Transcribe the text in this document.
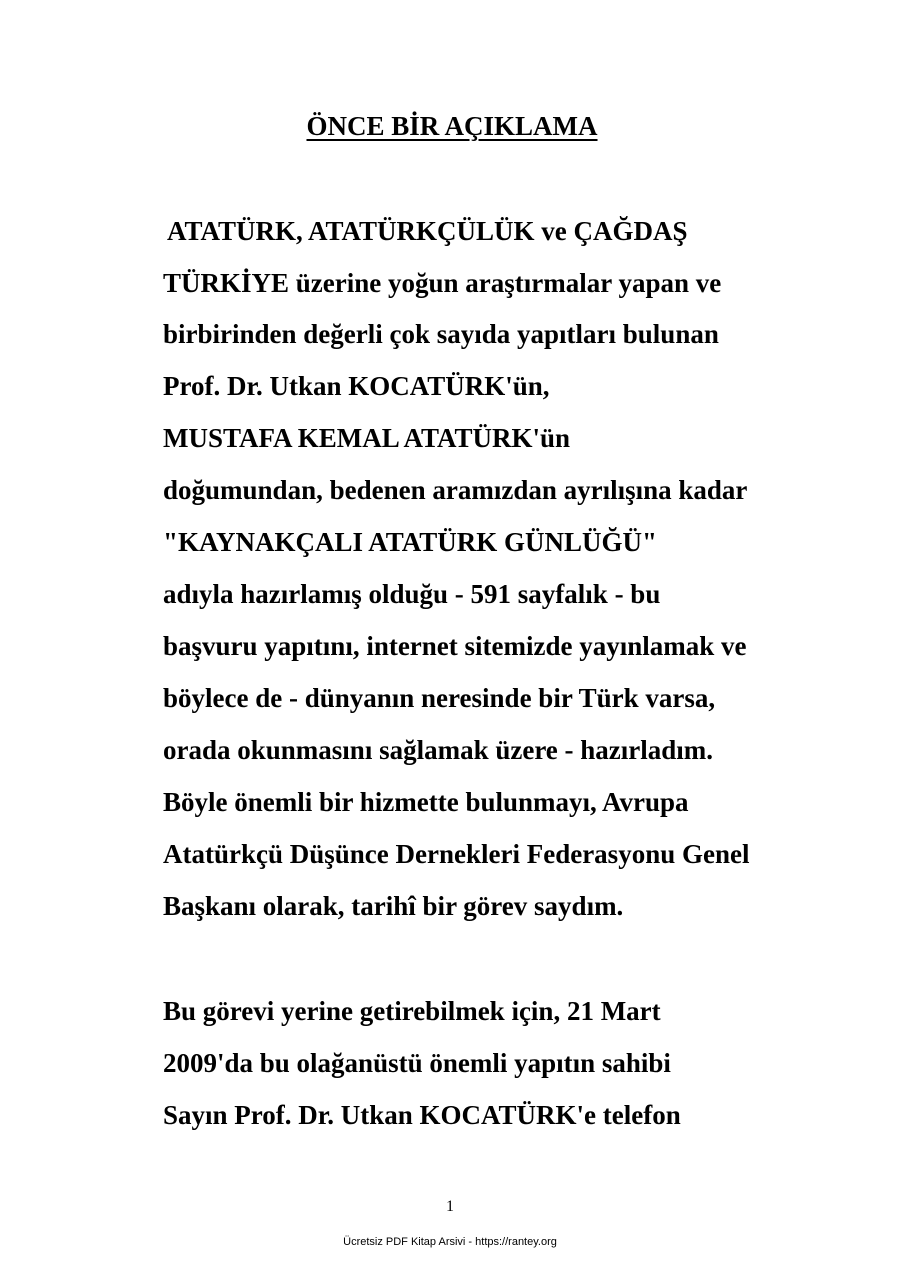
ÖNCE BİR AÇIKLAMA

ATATÜRK, ATATÜRKÇÜLÜK ve ÇAĞDAŞ

TÜRKİYE üzerine yoğun araştırmalar yapan ve

birbirinden değerli çok sayıda yapıtları bulunan

Prof. Dr. Utkan KOCATÜRK'ün,

MUSTAFA KEMAL ATATÜRK'ün

doğumundan, bedenen aramızdan ayrılışına kadar

"KAYNAKÇALI ATATÜRK GÜNLÜĞÜ"

adıyla hazırlamış olduğu - 591 sayfalık - bu

başvuru yapıtını, internet sitemizde yayınlamak ve

böylece de - dünyanın neresinde bir Türk varsa,

orada okunmasını sağlamak üzere - hazırladım.

Böyle önemli bir hizmette bulunmayı, Avrupa

Atatürkçü Düşünce Dernekleri Federasyonu Genel

Başkanı olarak, tarihî bir görev saydım.

Bu görevi yerine getirebilmek için, 21 Mart

2009'da bu olağanüstü önemli yapıtın sahibi

Sayın Prof. Dr. Utkan KOCATÜRK'e telefon

1
Ücretsiz PDF Kitap Arsivi - https://rantey.org
